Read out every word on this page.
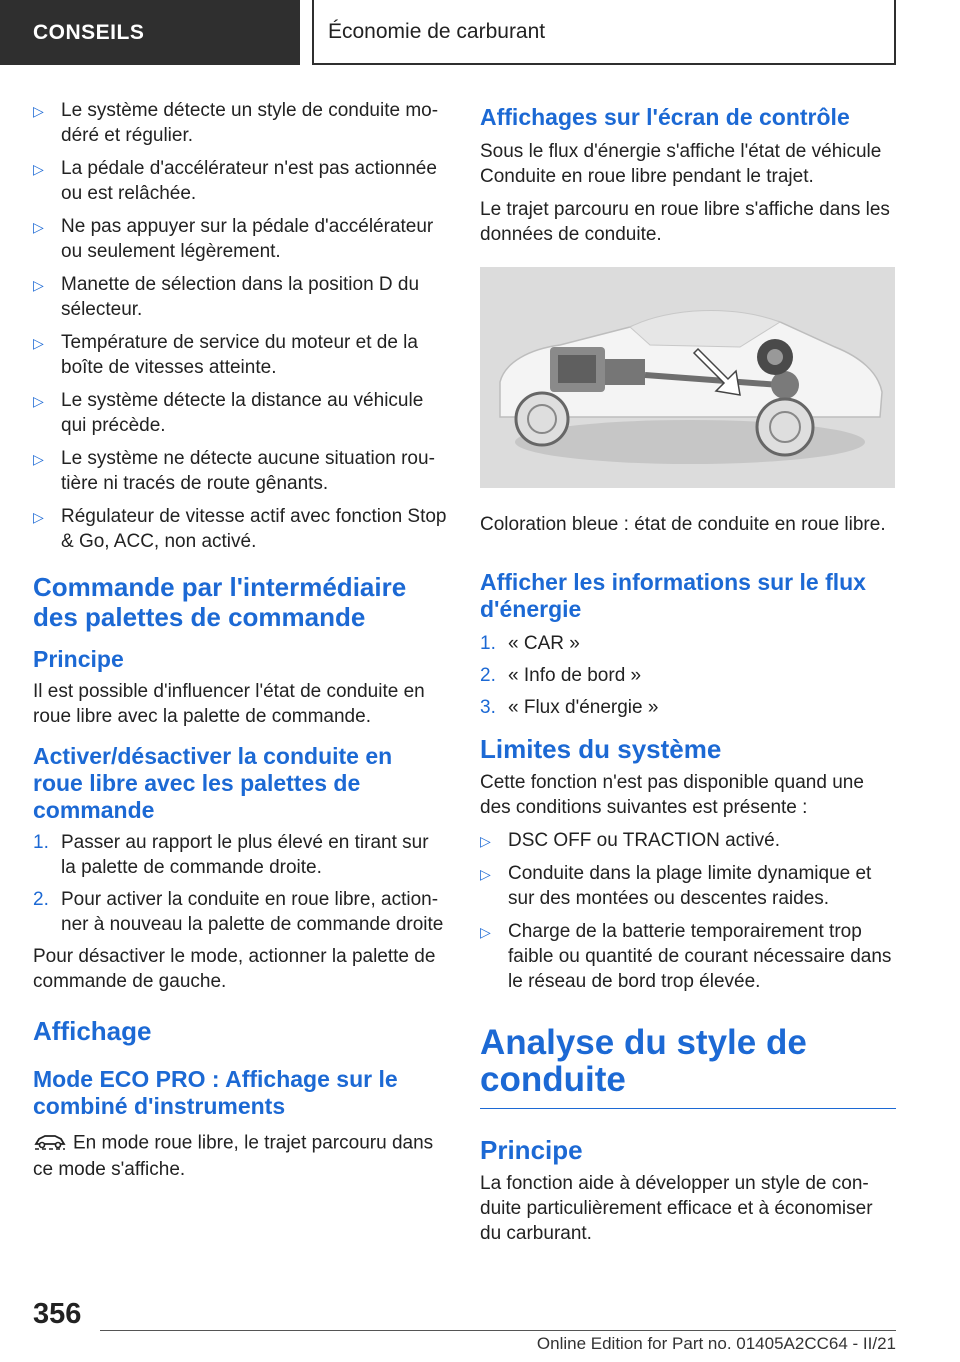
CONSEILS	Économie de carburant
▷ Le système détecte un style de conduite mo-déré et régulier.
▷ La pédale d'accélérateur n'est pas actionnée ou est relâchée.
▷ Ne pas appuyer sur la pédale d'accélérateur ou seulement légèrement.
▷ Manette de sélection dans la position D du sélecteur.
▷ Température de service du moteur et de la boîte de vitesses atteinte.
▷ Le système détecte la distance au véhicule qui précède.
▷ Le système ne détecte aucune situation rou-tière ni tracés de route gênants.
▷ Régulateur de vitesse actif avec fonction Stop & Go, ACC, non activé.
Commande par l'intermédiaire des palettes de commande
Principe

Il est possible d'influencer l'état de conduite en roue libre avec la palette de commande.

Activer/désactiver la conduite en roue libre avec les palettes de commande
1. Passer au rapport le plus élevé en tirant sur la palette de commande droite.
2. Pour activer la conduite en roue libre, action-ner à nouveau la palette de commande droite

Pour désactiver le mode, actionner la palette de commande de gauche.

Affichage
Mode ECO PRO : Affichage sur le combiné d'instruments

En mode roue libre, le trajet parcouru dans ce mode s'affiche.

Affichages sur l'écran de contrôle

Sous le flux d'énergie s'affiche l'état de véhicule Conduite en roue libre pendant le trajet.

Le trajet parcouru en roue libre s'affiche dans les données de conduite.

Coloration bleue : état de conduite en roue libre.

Afficher les informations sur le flux d'énergie
1. « CAR »
2. « Info de bord »
3. « Flux d'énergie »
Limites du système

Cette fonction n'est pas disponible quand une des conditions suivantes est présente :

▷ DSC OFF ou TRACTION activé.
▷ Conduite dans la plage limite dynamique et sur des montées ou descentes raides.
▷ Charge de la batterie temporairement trop faible ou quantité de courant nécessaire dans le réseau de bord trop élevée.
Analyse du style de conduite
Principe

La fonction aide à développer un style de con-duite particulièrement efficace et à économiser du carburant.

356
Online Edition for Part no. 01405A2CC64 - II/21
